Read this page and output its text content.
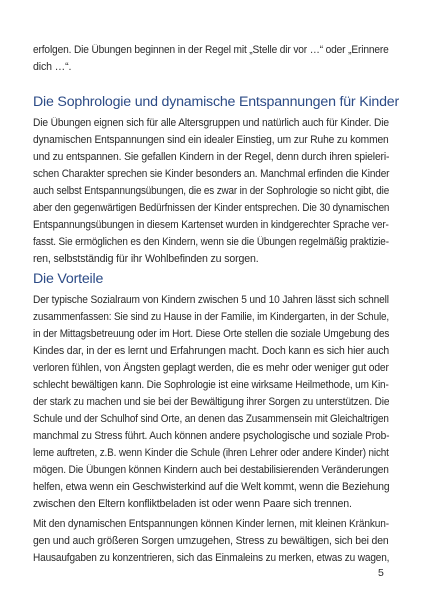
erfolgen. Die Übungen beginnen in der Regel mit „Stelle dir vor …“ oder „Erinnere
dich …“.

Die Sophrologie und dynamische Entspannungen für Kinder

Die Übungen eignen sich für alle Altersgruppen und natürlich auch für Kinder. Die
dynamischen Entspannungen sind ein idealer Einstieg, um zur Ruhe zu kommen
und zu entspannen. Sie gefallen Kindern in der Regel, denn durch ihren spieleri-
schen Charakter sprechen sie Kinder besonders an. Manchmal erfinden die Kinder
auch selbst Entspannungsübungen, die es zwar in der Sophrologie so nicht gibt, die
aber den gegenwärtigen Bedürfnissen der Kinder entsprechen. Die 30 dynamischen
Entspannungsübungen in diesem Kartenset wurden in kindgerechter Sprache ver-
fasst. Sie ermöglichen es den Kindern, wenn sie die Übungen regelmäßig praktizie-
ren, selbstständig für ihr Wohlbefinden zu sorgen.

Die Vorteile

Der typische Sozialraum von Kindern zwischen 5 und 10 Jahren lässt sich schnell
zusammenfassen: Sie sind zu Hause in der Familie, im Kindergarten, in der Schule,
in der Mittagsbetreuung oder im Hort. Diese Orte stellen die soziale Umgebung des
Kindes dar, in der es lernt und Erfahrungen macht. Doch kann es sich hier auch
verloren fühlen, von Ängsten geplagt werden, die es mehr oder weniger gut oder
schlecht bewältigen kann. Die Sophrologie ist eine wirksame Heilmethode, um Kin-
der stark zu machen und sie bei der Bewältigung ihrer Sorgen zu unterstützen. Die
Schule und der Schulhof sind Orte, an denen das Zusammensein mit Gleichaltrigen
manchmal zu Stress führt. Auch können andere psychologische und soziale Prob-
leme auftreten, z.B. wenn Kinder die Schule (ihren Lehrer oder andere Kinder) nicht
mögen. Die Übungen können Kindern auch bei destabilisierenden Veränderungen
helfen, etwa wenn ein Geschwisterkind auf die Welt kommt, wenn die Beziehung
zwischen den Eltern konfliktbeladen ist oder wenn Paare sich trennen.

Mit den dynamischen Entspannungen können Kinder lernen, mit kleinen Kränkun-
gen und auch größeren Sorgen umzugehen, Stress zu bewältigen, sich bei den
Hausaufgaben zu konzentrieren, sich das Einmaleins zu merken, etwas zu wagen,

5
